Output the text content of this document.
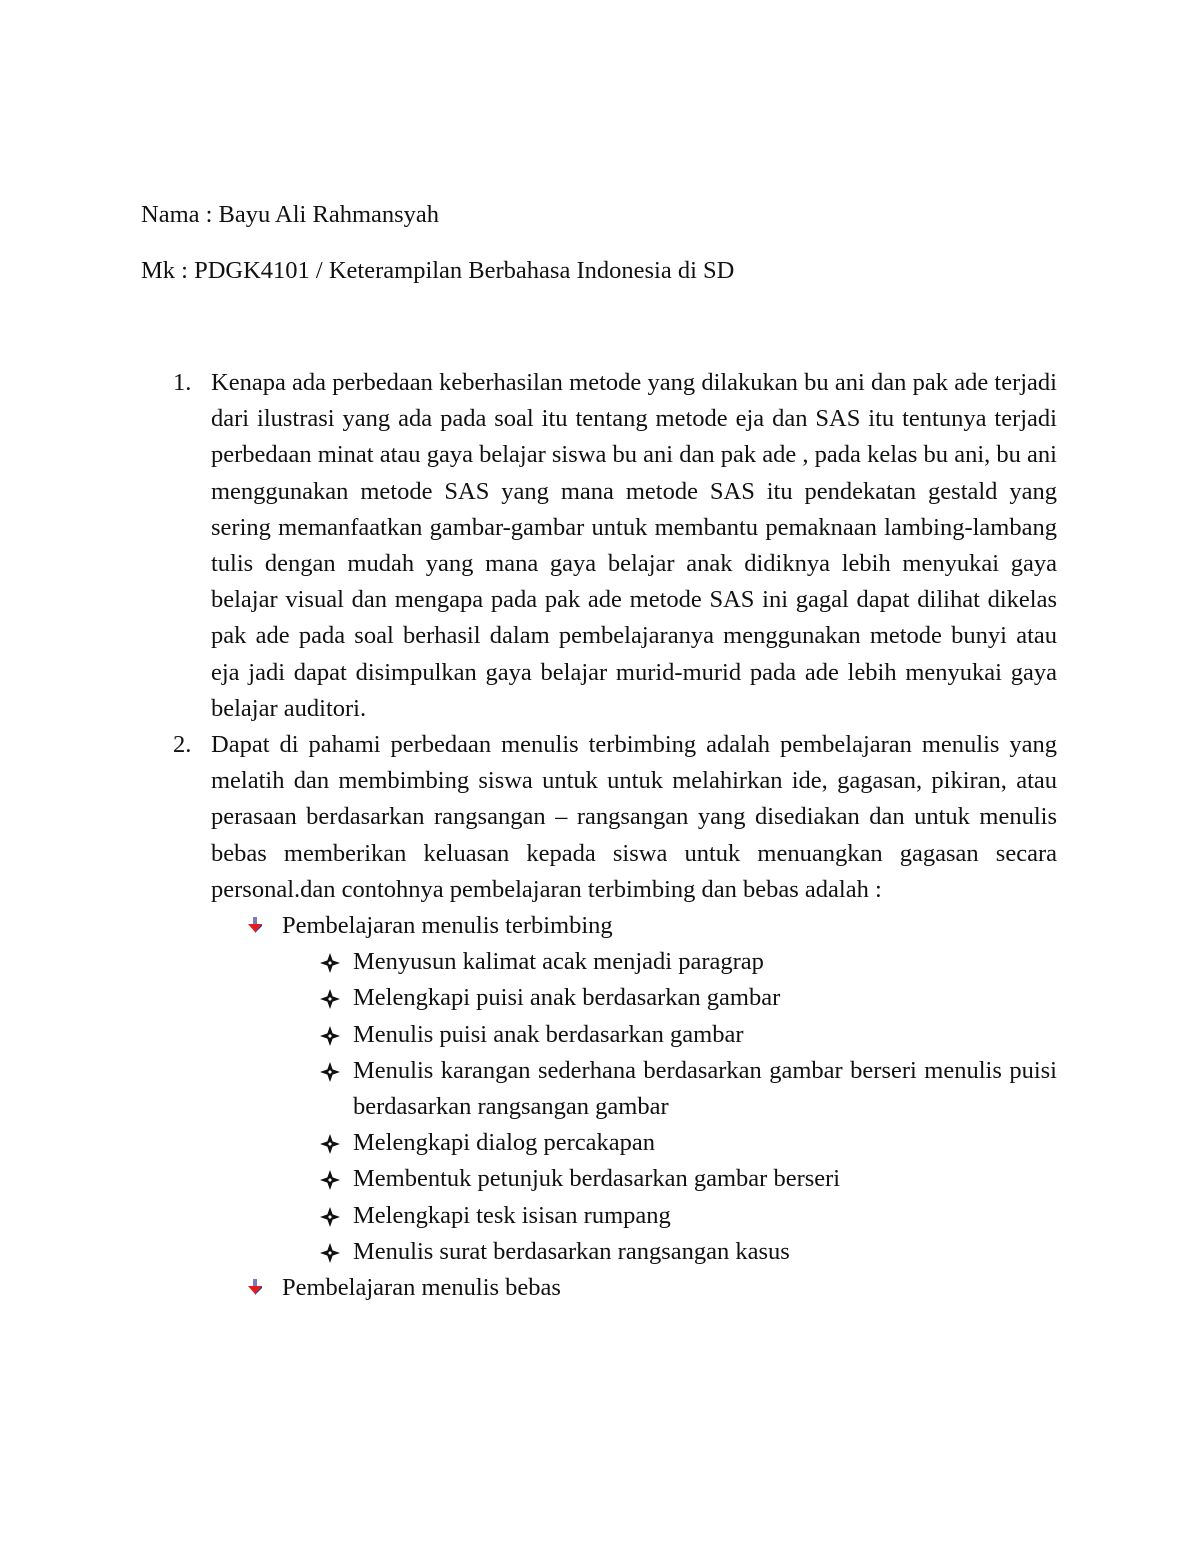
Nama : Bayu Ali Rahmansyah
Mk : PDGK4101 / Keterampilan Berbahasa Indonesia di SD
1. Kenapa ada perbedaan keberhasilan metode yang dilakukan bu ani dan pak ade terjadi dari ilustrasi yang ada pada soal itu tentang metode eja dan SAS itu tentunya terjadi perbedaan minat atau gaya belajar siswa bu ani dan pak ade , pada kelas bu ani, bu ani menggunakan metode SAS yang mana metode SAS itu pendekatan gestald yang sering memanfaatkan gambar-gambar untuk membantu pemaknaan lambing-lambang tulis dengan mudah yang mana gaya belajar anak didiknya lebih menyukai gaya belajar visual dan mengapa pada pak ade metode SAS ini gagal dapat dilihat dikelas pak ade pada soal berhasil dalam pembelajaranya menggunakan metode bunyi atau eja jadi dapat disimpulkan gaya belajar murid-murid pada ade lebih menyukai gaya belajar auditori.
2. Dapat di pahami perbedaan menulis terbimbing adalah pembelajaran menulis yang melatih dan membimbing siswa untuk untuk melahirkan ide, gagasan, pikiran, atau perasaan berdasarkan rangsangan – rangsangan yang disediakan dan untuk menulis bebas memberikan keluasan kepada siswa untuk menuangkan gagasan secara personal.dan contohnya pembelajaran terbimbing dan bebas adalah :
Pembelajaran menulis terbimbing
Menyusun kalimat acak menjadi paragrap
Melengkapi puisi anak berdasarkan gambar
Menulis puisi anak berdasarkan gambar
Menulis karangan sederhana berdasarkan gambar berseri menulis puisi berdasarkan rangsangan gambar
Melengkapi dialog percakapan
Membentuk petunjuk berdasarkan gambar berseri
Melengkapi tesk isisan rumpang
Menulis surat berdasarkan rangsangan kasus
Pembelajaran menulis bebas
